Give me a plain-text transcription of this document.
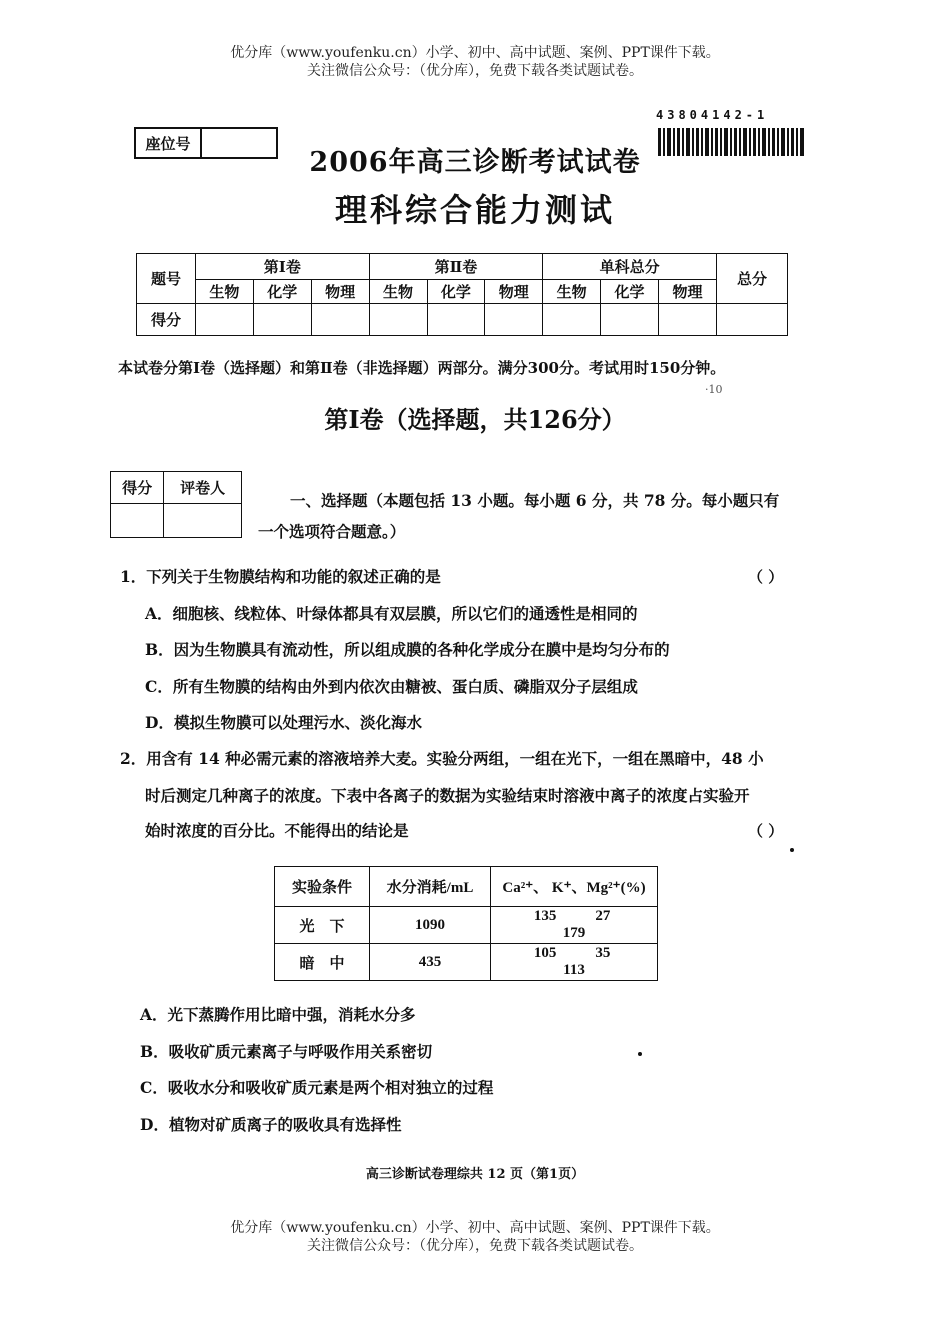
优分库（www.youfenku.cn）小学、初中、高中试题、案例、PPT课件下载。
关注微信公众号：（优分库），免费下载各类试题试卷。
座位号
43804142-1
2006年高三诊断考试试卷
理科综合能力测试
题号	第Ⅰ卷			第Ⅱ卷			单科总分			总分
	生物	化学	物理	生物	化学	物理	生物	化学	物理	
得分										
本试卷分第Ⅰ卷（选择题）和第Ⅱ卷（非选择题）两部分。满分300分。考试用时150分钟。
·10
第Ⅰ卷（选择题，共126分）
得分	评卷人

一、选择题（本题包括 13 小题。每小题 6 分，共 78 分。每小题只有
一个选项符合题意。）
1．下列关于生物膜结构和功能的叙述正确的是	（ ）
A．细胞核、线粒体、叶绿体都具有双层膜，所以它们的通透性是相同的
B．因为生物膜具有流动性，所以组成膜的各种化学成分在膜中是均匀分布的
C．所有生物膜的结构由外到内依次由糖被、蛋白质、磷脂双分子层组成
D．模拟生物膜可以处理污水、淡化海水
2．用含有 14 种必需元素的溶液培养大麦。实验分两组，一组在光下，一组在黑暗中，48 小
时后测定几种离子的浓度。下表中各离子的数据为实验结束时溶液中离子的浓度占实验开
始时浓度的百分比。不能得出的结论是	（ ）
实验条件	水分消耗/mL	Ca²⁺、 K⁺、Mg²⁺(%)
光　下	1090	135 27 179
暗　中	435	105 35 113
A．光下蒸腾作用比暗中强，消耗水分多
B．吸收矿质元素离子与呼吸作用关系密切
C．吸收水分和吸收矿质元素是两个相对独立的过程
D．植物对矿质离子的吸收具有选择性
高三诊断试卷理综共 12 页（第1页）
优分库（www.youfenku.cn）小学、初中、高中试题、案例、PPT课件下载。
关注微信公众号：（优分库），免费下载各类试题试卷。
